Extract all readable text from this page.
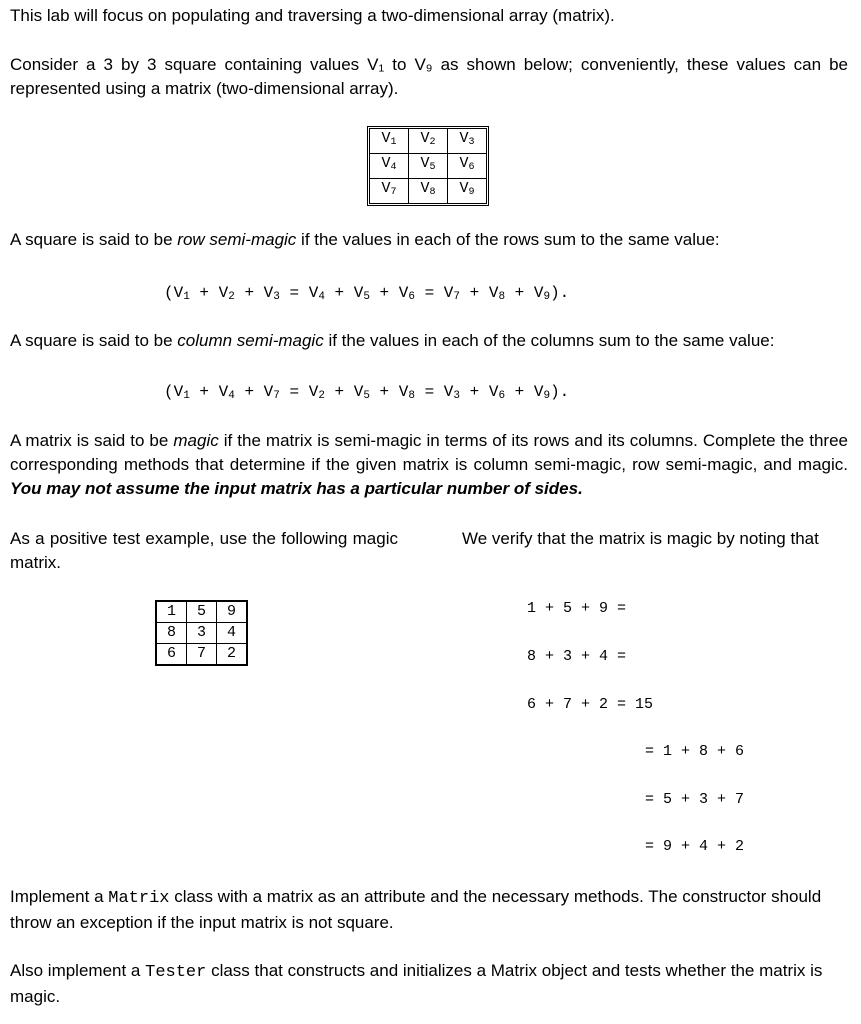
This lab will focus on populating and traversing a two-dimensional array (matrix).

Consider a 3 by 3 square containing values V₁ to V₉ as shown below; conveniently, these values can be represented using a matrix (two-dimensional array).

$V_1$	$V_2$	$V_3$
$V_4$	$V_5$	$V_6$
$V_7$	$V_8$	$V_9$

A square is said to be row semi-magic if the values in each of the rows sum to the same value:

$(V_1 + V_2 + V_3 = V_4 + V_5 + V_6 = V_7 + V_8 + V_9)$.

A square is said to be column semi-magic if the values in each of the columns sum to the same value:

$(V_1 + V_4 + V_7 = V_2 + V_5 + V_8 = V_3 + V_6 + V_9)$.

A matrix is said to be magic if the matrix is semi-magic in terms of its rows and its columns. Complete the three corresponding methods that determine if the given matrix is column semi-magic, row semi-magic, and magic. You may not assume the input matrix has a particular number of sides.

As a positive test example, use the following magic matrix.

We verify that the matrix is magic by noting that

1	5	9
8	3	4
6	7	2
1 + 5 + 9 =
8 + 3 + 4 =
6 + 7 + 2 = 15
= 1 + 8 + 6
= 5 + 3 + 7
= 9 + 4 + 2

Implement a Matrix class with a matrix as an attribute and the necessary methods. The constructor should throw an exception if the input matrix is not square.

Also implement a Tester class that constructs and initializes a Matrix object and tests whether the matrix is magic.
